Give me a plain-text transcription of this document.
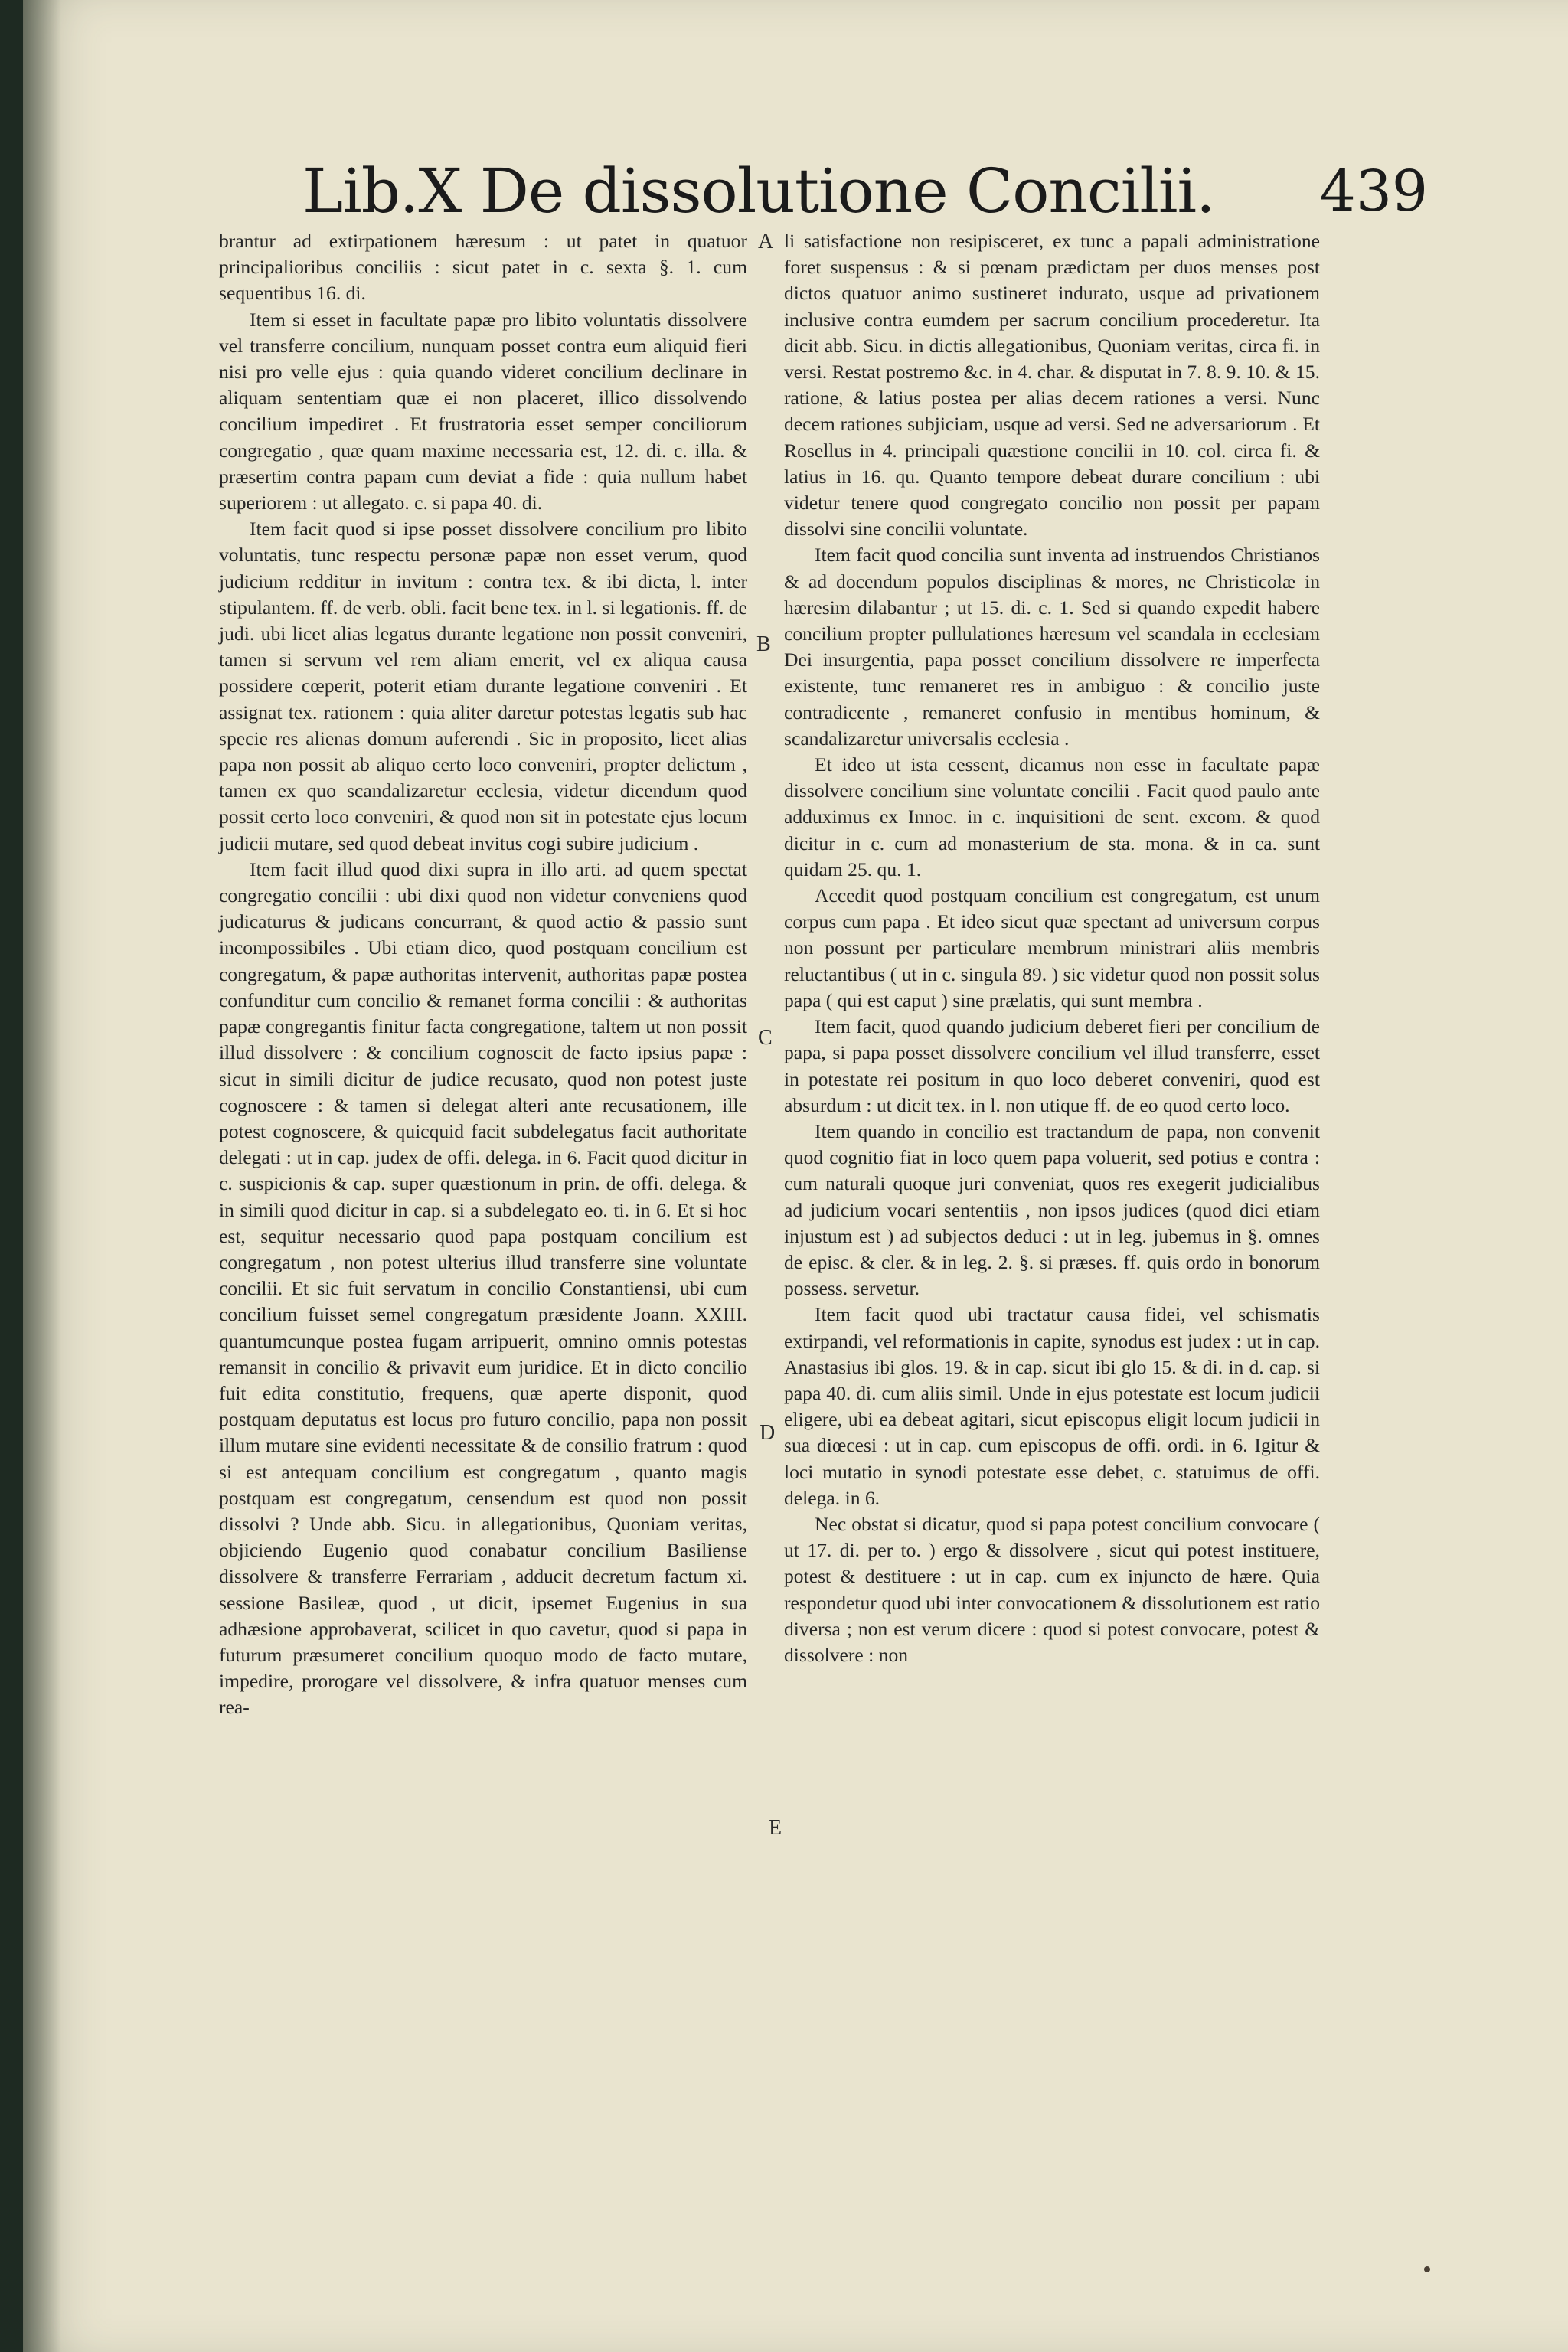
Lib.X De dissolutione Concilii. 439

brantur ad extirpationem hæresum : ut patet in quatuor principalioribus conciliis : sicut patet in c. sexta §. 1. cum sequentibus 16. di.

Item si esset in facultate papæ pro libito voluntatis dissolvere vel transferre concilium, nunquam posset contra eum aliquid fieri nisi pro velle ejus : quia quando videret concilium declinare in aliquam sententiam quæ ei non placeret, illico dissolvendo concilium impediret . Et frustratoria esset semper conciliorum congregatio , quæ quam maxime necessaria est, 12. di. c. illa. & præsertim contra papam cum deviat a fide : quia nullum habet superiorem : ut allegato. c. si papa 40. di.

Item facit quod si ipse posset dissolvere concilium pro libito voluntatis, tunc respectu personæ papæ non esset verum, quod judicium redditur in invitum : contra tex. & ibi dicta, l. inter stipulantem. ff. de verb. obli. facit bene tex. in l. si legationis. ff. de judi. ubi licet alias legatus durante legatione non possit conveniri, tamen si servum vel rem aliam emerit, vel ex aliqua causa possidere cœperit, poterit etiam durante legatione conveniri . Et assignat tex. rationem : quia aliter daretur potestas legatis sub hac specie res alienas domum auferendi . Sic in proposito, licet alias papa non possit ab aliquo certo loco conveniri, propter delictum , tamen ex quo scandalizaretur ecclesia, videtur dicendum quod possit certo loco conveniri, & quod non sit in potestate ejus locum judicii mutare, sed quod debeat invitus cogi subire judicium .

Item facit illud quod dixi supra in illo arti. ad quem spectat congregatio concilii : ubi dixi quod non videtur conveniens quod judicaturus & judicans concurrant, & quod actio & passio sunt incompossibiles . Ubi etiam dico, quod postquam concilium est congregatum, & papæ authoritas intervenit, authoritas papæ postea confunditur cum concilio & remanet forma concilii : & authoritas papæ congregantis finitur facta congregatione, taltem ut non possit illud dissolvere : & concilium cognoscit de facto ipsius papæ : sicut in simili dicitur de judice recusato, quod non potest juste cognoscere : & tamen si delegat alteri ante recusationem, ille potest cognoscere, & quicquid facit subdelegatus facit authoritate delegati : ut in cap. judex de offi. delega. in 6. Facit quod dicitur in c. suspicionis & cap. super quæstionum in prin. de offi. delega. & in simili quod dicitur in cap. si a subdelegato eo. ti. in 6. Et si hoc est, sequitur necessario quod papa postquam concilium est congregatum , non potest ulterius illud transferre sine voluntate concilii. Et sic fuit servatum in concilio Constantiensi, ubi cum concilium fuisset semel congregatum præsidente Joann. XXIII. quantumcunque postea fugam arripuerit, omnino omnis potestas remansit in concilio & privavit eum juridice. Et in dicto concilio fuit edita constitutio, frequens, quæ aperte disponit, quod postquam deputatus est locus pro futuro concilio, papa non possit illum mutare sine evidenti necessitate & de consilio fratrum : quod si est antequam concilium est congregatum , quanto magis postquam est congregatum, censendum est quod non possit dissolvi ? Unde abb. Sicu. in allegationibus, Quoniam veritas, objiciendo Eugenio quod conabatur concilium Basiliense dissolvere & transferre Ferrariam , adducit decretum factum xi. sessione Basileæ, quod , ut dicit, ipsemet Eugenius in sua adhæsione approbaverat, scilicet in quo cavetur, quod si papa in futurum præsumeret concilium quoquo modo de facto mutare, impedire, prorogare vel dissolvere, & infra quatuor menses cum rea-

li satisfactione non resipisceret, ex tunc a papali administratione foret suspensus : & si pœnam prædictam per duos menses post dictos quatuor animo sustineret indurato, usque ad privationem inclusive contra eumdem per sacrum concilium procederetur. Ita dicit abb. Sicu. in dictis allegationibus, Quoniam veritas, circa fi. in versi. Restat postremo &c. in 4. char. & disputat in 7. 8. 9. 10. & 15. ratione, & latius postea per alias decem rationes a versi. Nunc decem rationes subjiciam, usque ad versi. Sed ne adversariorum . Et Rosellus in 4. principali quæstione concilii in 10. col. circa fi. & latius in 16. qu. Quanto tempore debeat durare concilium : ubi videtur tenere quod congregato concilio non possit per papam dissolvi sine concilii voluntate.

Item facit quod concilia sunt inventa ad instruendos Christianos & ad docendum populos disciplinas & mores, ne Christicolæ in hæresim dilabantur ; ut 15. di. c. 1. Sed si quando expedit habere concilium propter pullulationes hæresum vel scandala in ecclesiam Dei insurgentia, papa posset concilium dissolvere re imperfecta existente, tunc remaneret res in ambiguo : & concilio juste contradicente , remaneret confusio in mentibus hominum, & scandalizaretur universalis ecclesia .

Et ideo ut ista cessent, dicamus non esse in facultate papæ dissolvere concilium sine voluntate concilii . Facit quod paulo ante adduximus ex Innoc. in c. inquisitioni de sent. excom. & quod dicitur in c. cum ad monasterium de sta. mona. & in ca. sunt quidam 25. qu. 1.

Accedit quod postquam concilium est congregatum, est unum corpus cum papa . Et ideo sicut quæ spectant ad universum corpus non possunt per particulare membrum ministrari aliis membris reluctantibus ( ut in c. singula 89. ) sic videtur quod non possit solus papa ( qui est caput ) sine prælatis, qui sunt membra .

Item facit, quod quando judicium deberet fieri per concilium de papa, si papa posset dissolvere concilium vel illud transferre, esset in potestate rei positum in quo loco deberet conveniri, quod est absurdum : ut dicit tex. in l. non utique ff. de eo quod certo loco.

Item quando in concilio est tractandum de papa, non convenit quod cognitio fiat in loco quem papa voluerit, sed potius e contra : cum naturali quoque juri conveniat, quos res exegerit judicialibus ad judicium vocari sententiis , non ipsos judices (quod dici etiam injustum est ) ad subjectos deduci : ut in leg. jubemus in §. omnes de episc. & cler. & in leg. 2. §. si præses. ff. quis ordo in bonorum possess. servetur.

Item facit quod ubi tractatur causa fidei, vel schismatis extirpandi, vel reformationis in capite, synodus est judex : ut in cap. Anastasius ibi glos. 19. & in cap. sicut ibi glo 15. & di. in d. cap. si papa 40. di. cum aliis simil. Unde in ejus potestate est locum judicii eligere, ubi ea debeat agitari, sicut episcopus eligit locum judicii in sua diœcesi : ut in cap. cum episcopus de offi. ordi. in 6. Igitur & loci mutatio in synodi potestate esse debet, c. statuimus de offi. delega. in 6.

Nec obstat si dicatur, quod si papa potest concilium convocare ( ut 17. di. per to. ) ergo & dissolvere , sicut qui potest instituere, potest & destituere : ut in cap. cum ex injuncto de hære. Quia respondetur quod ubi inter convocationem & dissolutionem est ratio diversa ; non est verum dicere : quod si potest convocare, potest & dissolvere : non

A
B
C
D
E
